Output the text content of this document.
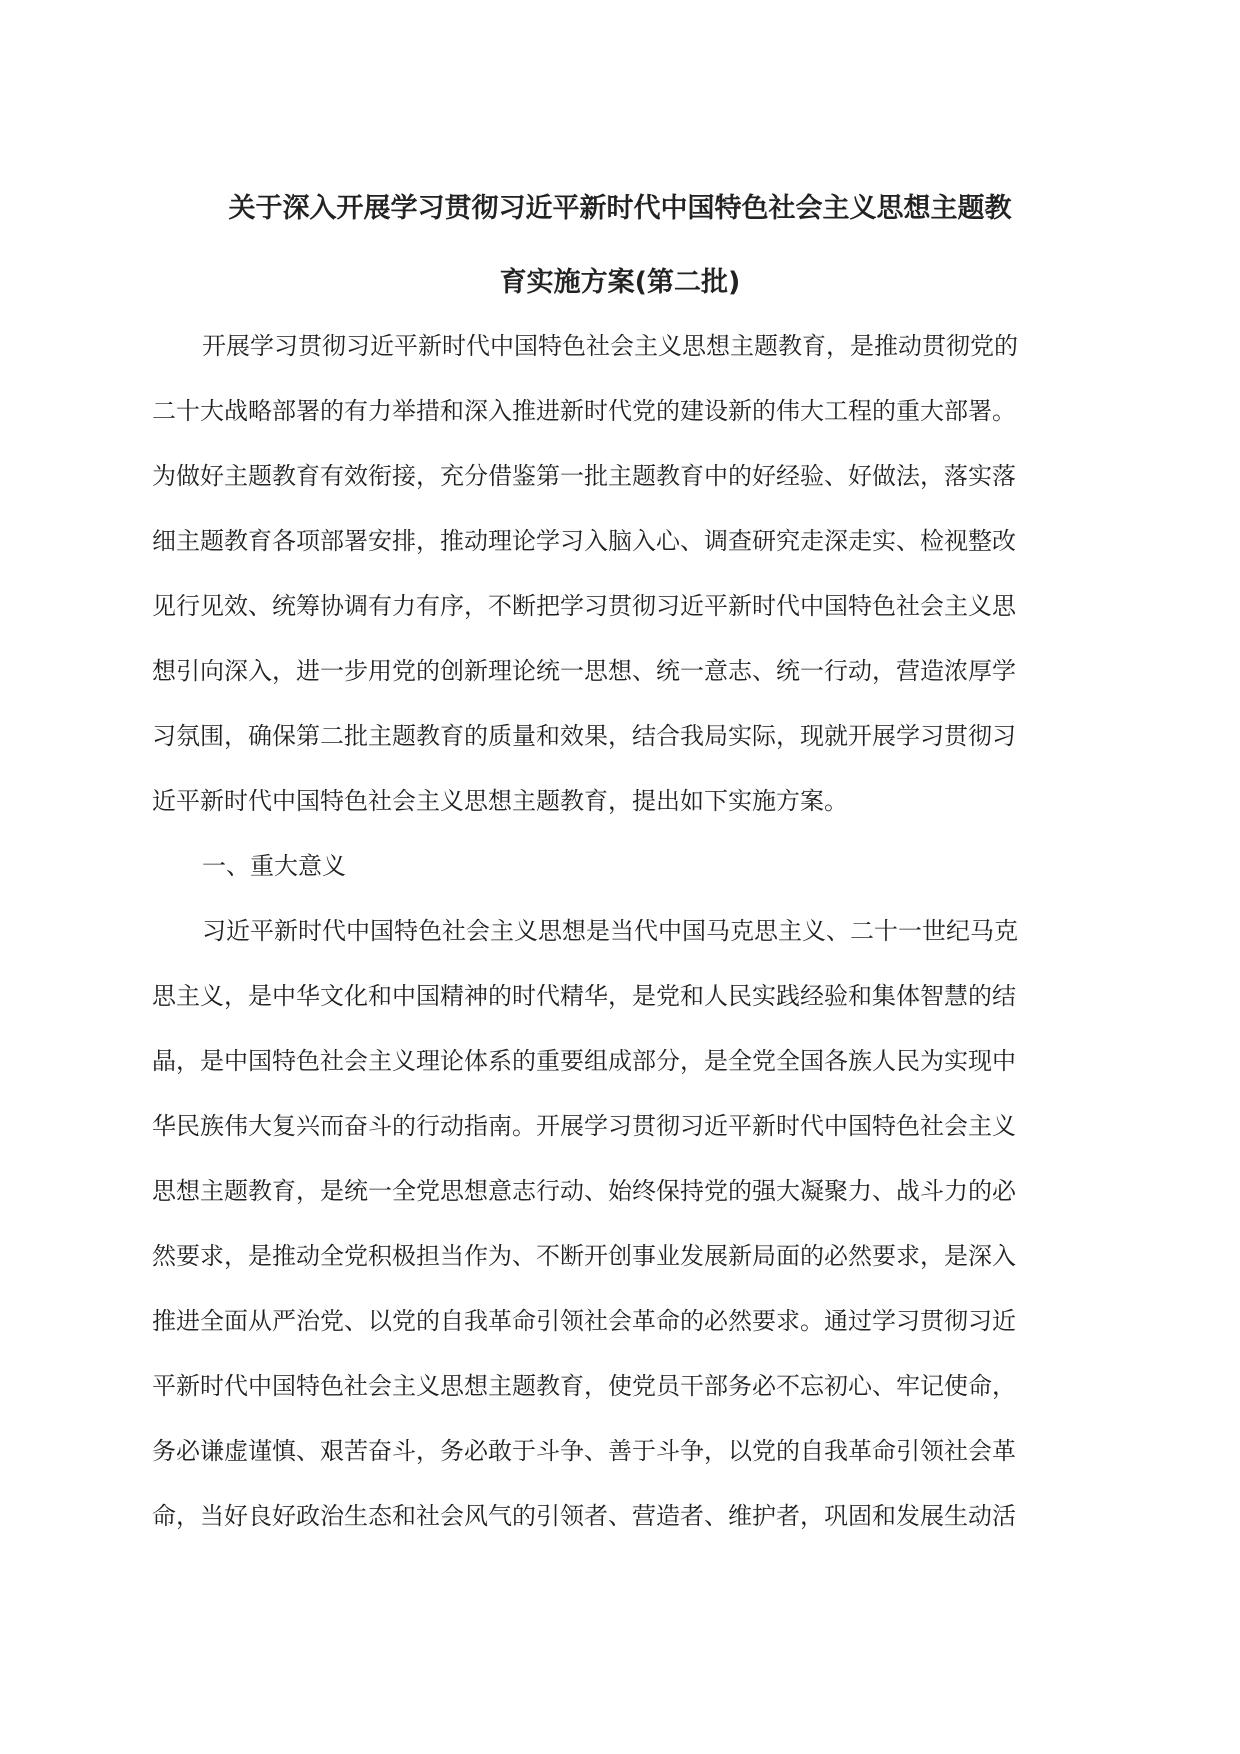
关于深入开展学习贯彻习近平新时代中国特色社会主义思想主题教
育实施方案(第二批)
开展学习贯彻习近平新时代中国特色社会主义思想主题教育，是推动贯彻党的
二十大战略部署的有力举措和深入推进新时代党的建设新的伟大工程的重大部署。
为做好主题教育有效衔接，充分借鉴第一批主题教育中的好经验、好做法，落实落
细主题教育各项部署安排，推动理论学习入脑入心、调查研究走深走实、检视整改
见行见效、统筹协调有力有序，不断把学习贯彻习近平新时代中国特色社会主义思
想引向深入，进一步用党的创新理论统一思想、统一意志、统一行动，营造浓厚学
习氛围，确保第二批主题教育的质量和效果，结合我局实际，现就开展学习贯彻习
近平新时代中国特色社会主义思想主题教育，提出如下实施方案。
一、重大意义
习近平新时代中国特色社会主义思想是当代中国马克思主义、二十一世纪马克
思主义，是中华文化和中国精神的时代精华，是党和人民实践经验和集体智慧的结
晶，是中国特色社会主义理论体系的重要组成部分，是全党全国各族人民为实现中
华民族伟大复兴而奋斗的行动指南。开展学习贯彻习近平新时代中国特色社会主义
思想主题教育，是统一全党思想意志行动、始终保持党的强大凝聚力、战斗力的必
然要求，是推动全党积极担当作为、不断开创事业发展新局面的必然要求，是深入
推进全面从严治党、以党的自我革命引领社会革命的必然要求。通过学习贯彻习近
平新时代中国特色社会主义思想主题教育，使党员干部务必不忘初心、牢记使命，
务必谦虚谨慎、艰苦奋斗，务必敢于斗争、善于斗争，以党的自我革命引领社会革
命，当好良好政治生态和社会风气的引领者、营造者、维护者，巩固和发展生动活
